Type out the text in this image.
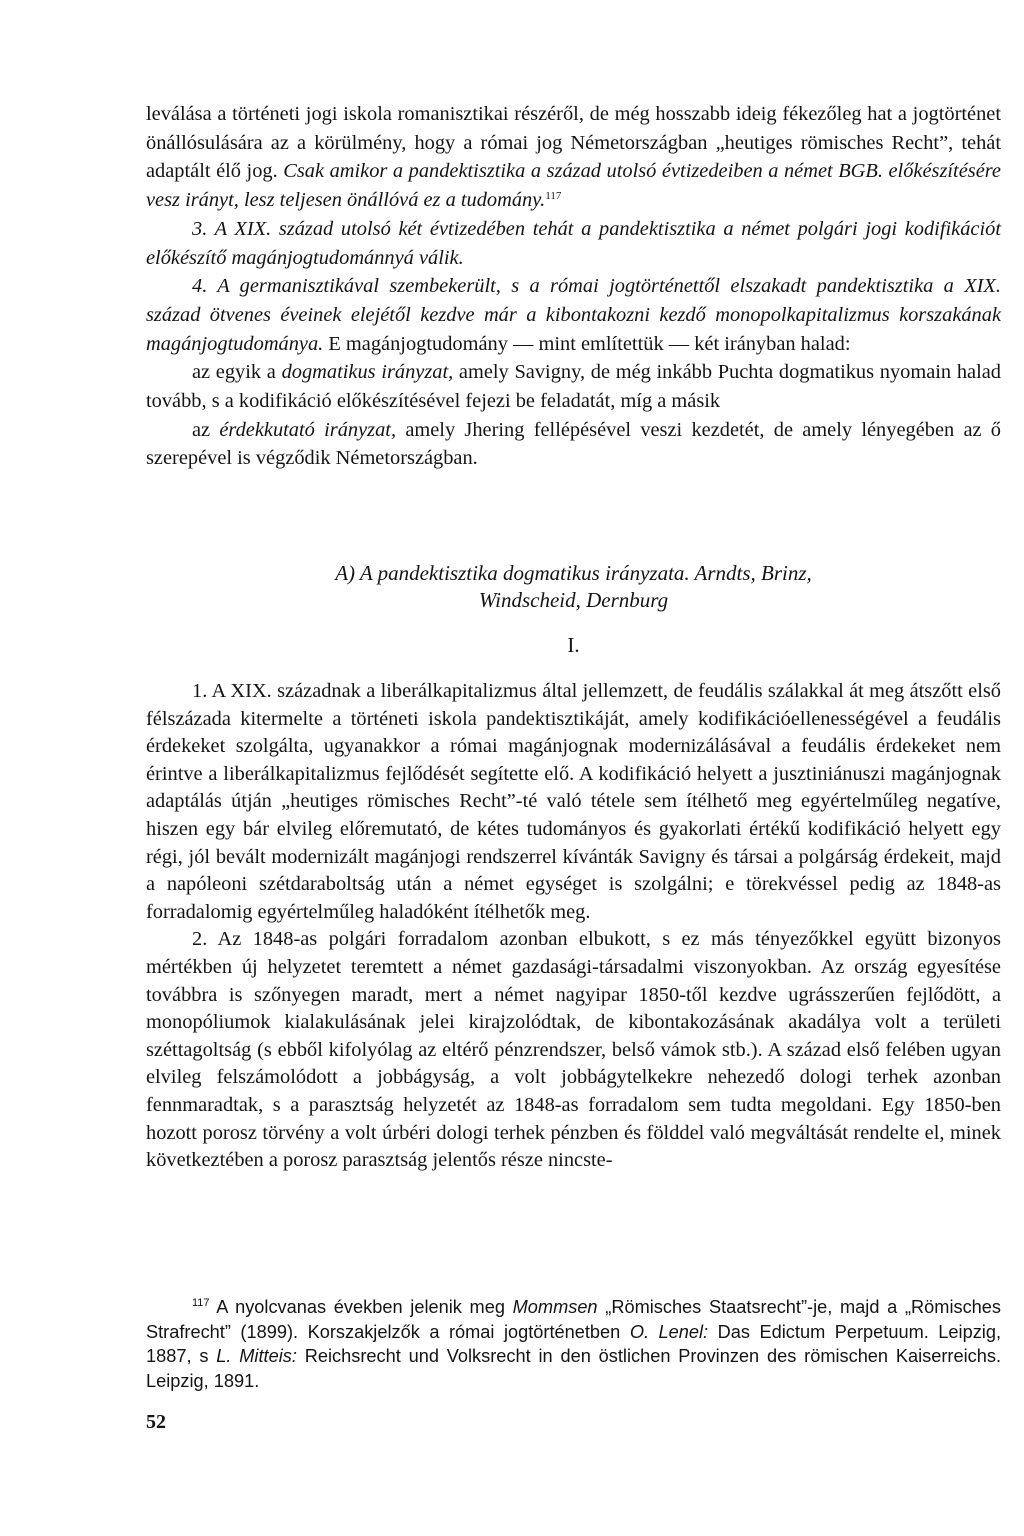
leválása a történeti jogi iskola romanisztikai részéről, de még hosszabb ideig fékezőleg hat a jogtörténet önállósulására az a körülmény, hogy a római jog Németországban „heutiges römisches Recht”, tehát adaptált élő jog. Csak amikor a pandektisztika a század utolsó évtizedeiben a német BGB. előkészítésére vesz irányt, lesz teljesen önállóvá ez a tudomány.$^{117}$

3. A XIX. század utolsó két évtizedében tehát a pandektisztika a német polgári jogi kodifikációt előkészítő magánjogtudománnyá válik.

4. A germanisztikával szembekerült, s a római jogtörténettől elszakadt pandektisztika a XIX. század ötvenes éveinek elejétől kezdve már a kibontakozni kezdő monopolkapitalizmus korszakának magánjogtudománya. E magánjogtudomány — mint említettük — két irányban halad:

az egyik a dogmatikus irányzat, amely Savigny, de még inkább Puchta dogmatikus nyomain halad tovább, s a kodifikáció előkészítésével fejezi be feladatát, míg a másik

az érdekkutató irányzat, amely Jhering fellépésével veszi kezdetét, de amely lényegében az ő szerepével is végződik Németországban.

A) A pandektisztika dogmatikus irányzata. Arndts, Brinz,
Windscheid, Dernburg
I.

1. A XIX. századnak a liberálkapitalizmus által jellemzett, de feudális szálakkal át meg átszőtt első félszázada kitermelte a történeti iskola pandektisztikáját, amely kodifikációellenességével a feudális érdekeket szolgálta, ugyanakkor a római magánjognak modernizálásával a feudális érdekeket nem érintve a liberálkapitalizmus fejlődését segítette elő. A kodifikáció helyett a jusztiniánuszi magánjognak adaptálás útján „heutiges römisches Recht”-té való tétele sem ítélhető meg egyértelműleg negatíve, hiszen egy bár elvileg előremutató, de kétes tudományos és gyakorlati értékű kodifikáció helyett egy régi, jól bevált modernizált magánjogi rendszerrel kívánták Savigny és társai a polgárság érdekeit, majd a napóleoni szétdaraboltság után a német egységet is szolgálni; e törekvéssel pedig az 1848-as forradalomig egyértelműleg haladóként ítélhetők meg.

2. Az 1848-as polgári forradalom azonban elbukott, s ez más tényezőkkel együtt bizonyos mértékben új helyzetet teremtett a német gazdasági-társadalmi viszonyokban. Az ország egyesítése továbbra is szőnyegen maradt, mert a német nagyipar 1850-től kezdve ugrásszerűen fejlődött, a monopóliumok kialakulásának jelei kirajzolódtak, de kibontakozásának akadálya volt a területi széttagoltság (s ebből kifolyólag az eltérő pénzrendszer, belső vámok stb.). A század első felében ugyan elvileg felszámolódott a jobbágyság, a volt jobbágytelkekre nehezedő dologi terhek azonban fennmaradtak, s a parasztság helyzetét az 1848-as forradalom sem tudta megoldani. Egy 1850-ben hozott porosz törvény a volt úrbéri dologi terhek pénzben és földdel való megváltását rendelte el, minek következtében a porosz parasztság jelentős része nincste-

$^{117}$ A nyolcvanas években jelenik meg Mommsen „Römisches Staatsrecht”-je, majd a „Römisches Strafrecht” (1899). Korszakjelzők a római jogtörténetben O. Lenel: Das Edictum Perpetuum. Leipzig, 1887, s L. Mitteis: Reichsrecht und Volksrecht in den östlichen Provinzen des römischen Kaiserreichs. Leipzig, 1891.

52
